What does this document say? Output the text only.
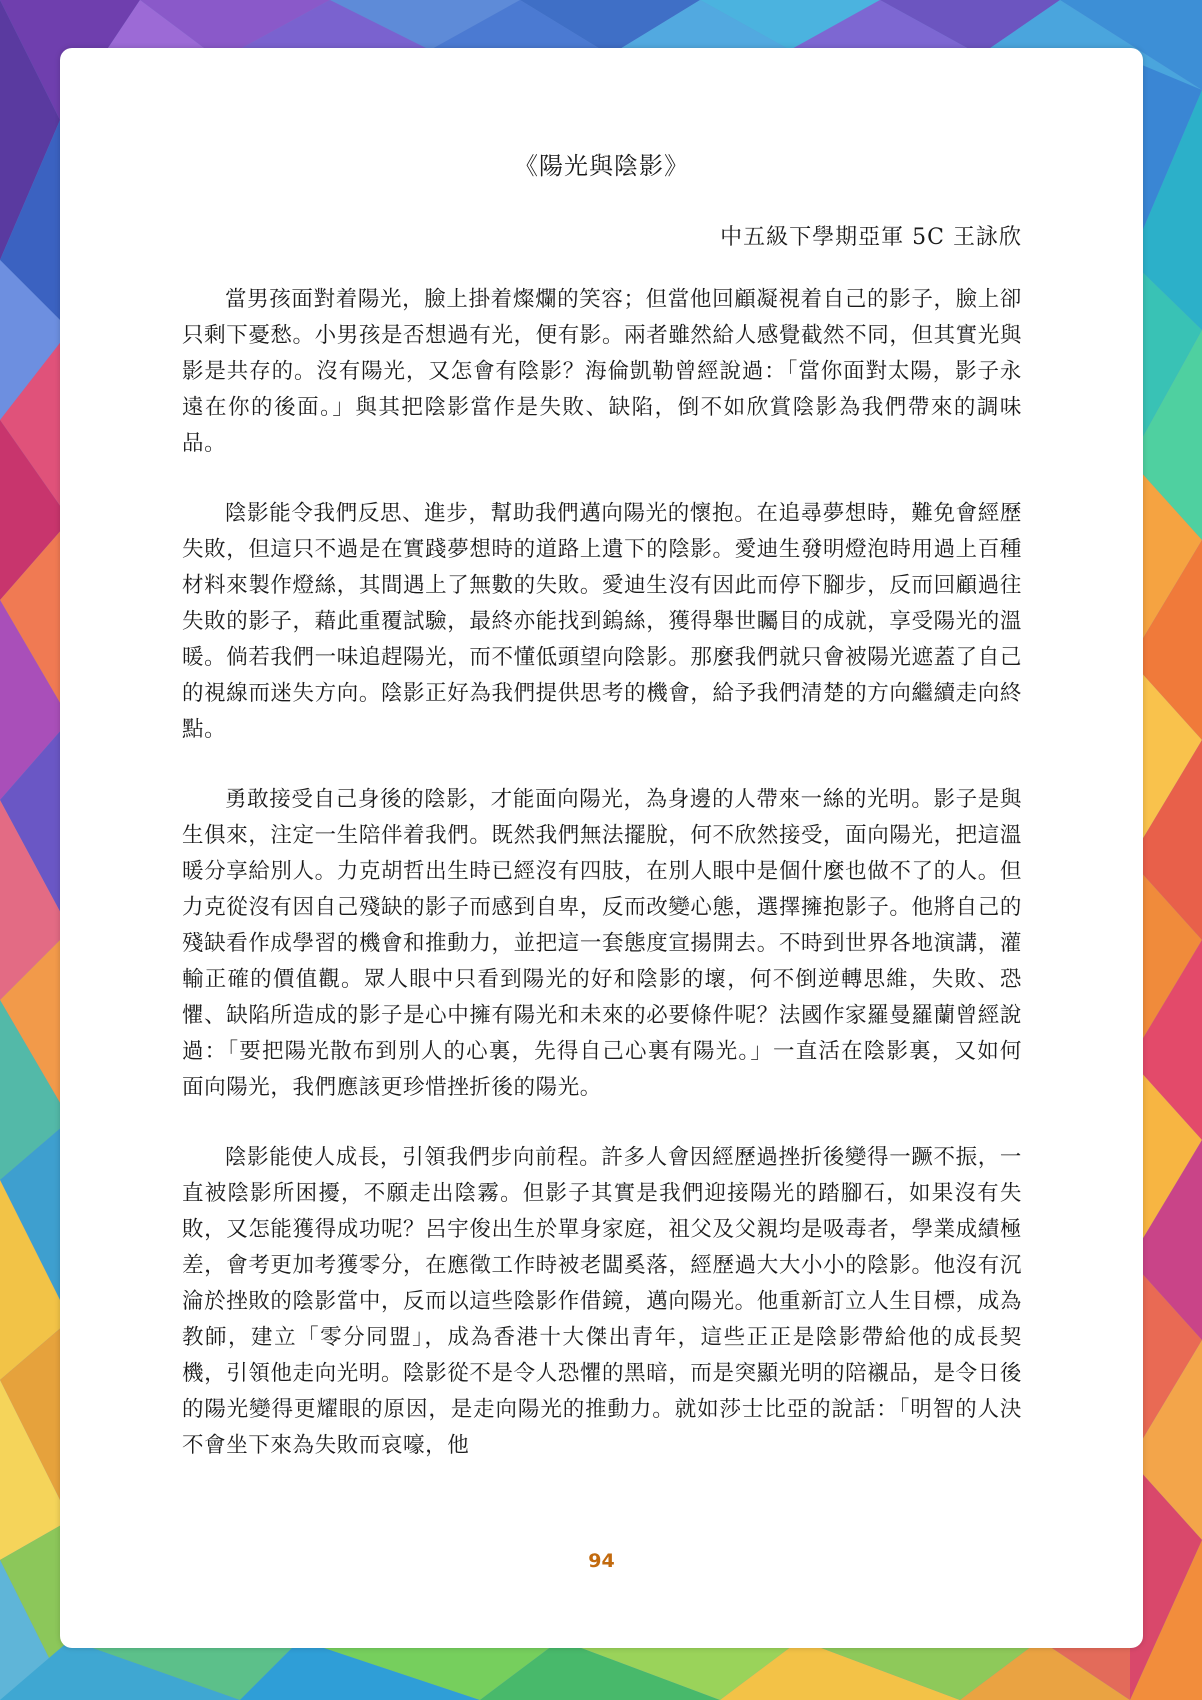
《陽光與陰影》
中五級下學期亞軍 5C 王詠欣

當男孩面對着陽光，臉上掛着燦爛的笑容；但當他回顧凝視着自己的影子，臉上卻只剩下憂愁。小男孩是否想過有光，便有影。兩者雖然給人感覺截然不同，但其實光與影是共存的。沒有陽光，又怎會有陰影？海倫凱勒曾經說過：「當你面對太陽，影子永遠在你的後面。」與其把陰影當作是失敗、缺陷，倒不如欣賞陰影為我們帶來的調味品。

陰影能令我們反思、進步，幫助我們邁向陽光的懷抱。在追尋夢想時，難免會經歷失敗，但這只不過是在實踐夢想時的道路上遺下的陰影。愛迪生發明燈泡時用過上百種材料來製作燈絲，其間遇上了無數的失敗。愛迪生沒有因此而停下腳步，反而回顧過往失敗的影子，藉此重覆試驗，最終亦能找到鎢絲，獲得舉世矚目的成就，享受陽光的溫暖。倘若我們一味追趕陽光，而不懂低頭望向陰影。那麼我們就只會被陽光遮蓋了自己的視線而迷失方向。陰影正好為我們提供思考的機會，給予我們清楚的方向繼續走向終點。

勇敢接受自己身後的陰影，才能面向陽光，為身邊的人帶來一絲的光明。影子是與生俱來，注定一生陪伴着我們。既然我們無法擺脫，何不欣然接受，面向陽光，把這溫暖分享給別人。力克胡哲出生時已經沒有四肢，在別人眼中是個什麼也做不了的人。但力克從沒有因自己殘缺的影子而感到自卑，反而改變心態，選擇擁抱影子。他將自己的殘缺看作成學習的機會和推動力，並把這一套態度宣揚開去。不時到世界各地演講，灌輸正確的價值觀。眾人眼中只看到陽光的好和陰影的壞，何不倒逆轉思維，失敗、恐懼、缺陷所造成的影子是心中擁有陽光和未來的必要條件呢？法國作家羅曼羅蘭曾經說過：「要把陽光散布到別人的心裏，先得自己心裏有陽光。」一直活在陰影裏，又如何面向陽光，我們應該更珍惜挫折後的陽光。

陰影能使人成長，引領我們步向前程。許多人會因經歷過挫折後變得一蹶不振，一直被陰影所困擾，不願走出陰霧。但影子其實是我們迎接陽光的踏腳石，如果沒有失敗，又怎能獲得成功呢？呂宇俊出生於單身家庭，祖父及父親均是吸毒者，學業成績極差，會考更加考獲零分，在應徵工作時被老闆奚落，經歷過大大小小的陰影。他沒有沉淪於挫敗的陰影當中，反而以這些陰影作借鏡，邁向陽光。他重新訂立人生目標，成為教師，建立「零分同盟」，成為香港十大傑出青年，這些正正是陰影帶給他的成長契機，引領他走向光明。陰影從不是令人恐懼的黑暗，而是突顯光明的陪襯品，是令日後的陽光變得更耀眼的原因，是走向陽光的推動力。就如莎士比亞的說話：「明智的人決不會坐下來為失敗而哀嚎，他

94
